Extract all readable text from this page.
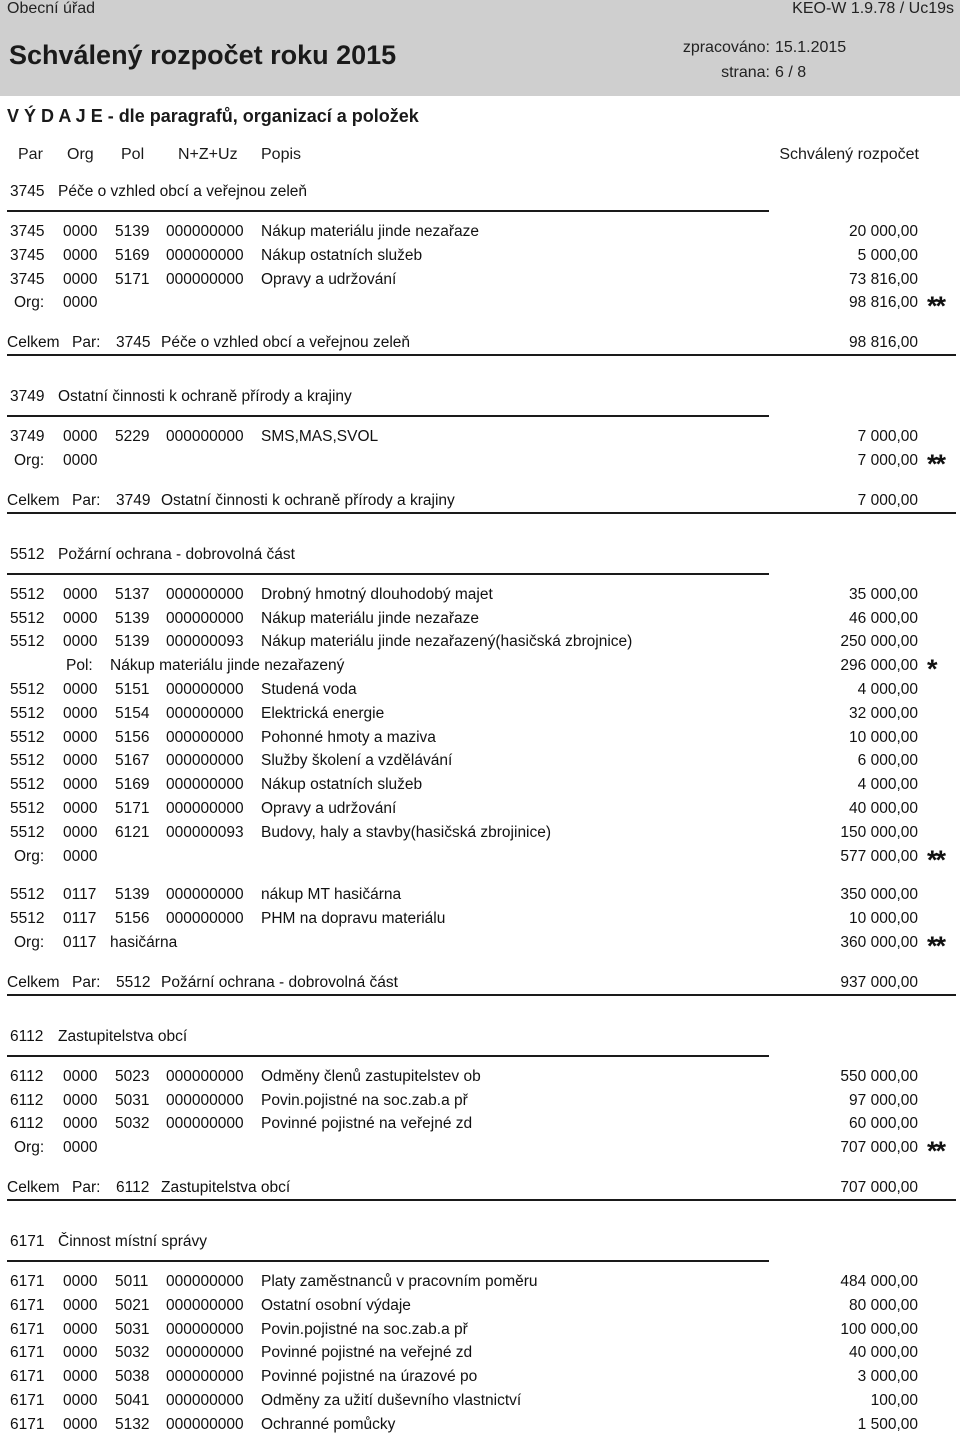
Obecní úřad	KEO-W 1.9.78 / Uc19s
Schválený rozpočet roku 2015	zpracováno: 15.1.2015
strana: 6 / 8
V Ý D A J E - dle paragrafů, organizací a položek
Par Org Pol N+Z+Uz Popis	Schválený rozpočet
3745 Péče o vzhled obcí a veřejnou zeleň
3745 0000 5139 000000000 Nákup materiálu jinde nezařaze	20 000,00
3745 0000 5169 000000000 Nákup ostatních služeb	5 000,00
3745 0000 5171 000000000 Opravy a udržování	73 816,00
Org: 0000	98 816,00 **
Celkem Par: 3745 Péče o vzhled obcí a veřejnou zeleň	98 816,00
3749 Ostatní činnosti k ochraně přírody a krajiny
3749 0000 5229 000000000 SMS,MAS,SVOL	7 000,00
Org: 0000	7 000,00 **
Celkem Par: 3749 Ostatní činnosti k ochraně přírody a krajiny	7 000,00
5512 Požární ochrana - dobrovolná část
5512 0000 5137 000000000 Drobný hmotný dlouhodobý majet	35 000,00
5512 0000 5139 000000000 Nákup materiálu jinde nezařaze	46 000,00
5512 0000 5139 000000093 Nákup materiálu jinde nezařazený(hasičská zbrojnice)	250 000,00
Pol: Nákup materiálu jinde nezařazený	296 000,00 *
5512 0000 5151 000000000 Studená voda	4 000,00
5512 0000 5154 000000000 Elektrická energie	32 000,00
5512 0000 5156 000000000 Pohonné hmoty a maziva	10 000,00
5512 0000 5167 000000000 Služby školení a vzdělávání	6 000,00
5512 0000 5169 000000000 Nákup ostatních služeb	4 000,00
5512 0000 5171 000000000 Opravy a udržování	40 000,00
5512 0000 6121 000000093 Budovy, haly a stavby(hasičská zbrojinice)	150 000,00
Org: 0000	577 000,00 **
5512 0117 5139 000000000 nákup MT hasičárna	350 000,00
5512 0117 5156 000000000 PHM na dopravu materiálu	10 000,00
Org: 0117 hasičárna	360 000,00 **
Celkem Par: 5512 Požární ochrana - dobrovolná část	937 000,00
6112 Zastupitelstva obcí
6112 0000 5023 000000000 Odměny členů zastupitelstev ob	550 000,00
6112 0000 5031 000000000 Povin.pojistné na soc.zab.a př	97 000,00
6112 0000 5032 000000000 Povinné pojistné na veřejné zd	60 000,00
Org: 0000	707 000,00 **
Celkem Par: 6112 Zastupitelstva obcí	707 000,00
6171 Činnost místní správy
6171 0000 5011 000000000 Platy zaměstnanců v pracovním poměru	484 000,00
6171 0000 5021 000000000 Ostatní osobní výdaje	80 000,00
6171 0000 5031 000000000 Povin.pojistné na soc.zab.a př	100 000,00
6171 0000 5032 000000000 Povinné pojistné na veřejné zd	40 000,00
6171 0000 5038 000000000 Povinné pojistné na úrazové po	3 000,00
6171 0000 5041 000000000 Odměny za užití duševního vlastnictví	100,00
6171 0000 5132 000000000 Ochranné pomůcky	1 500,00
